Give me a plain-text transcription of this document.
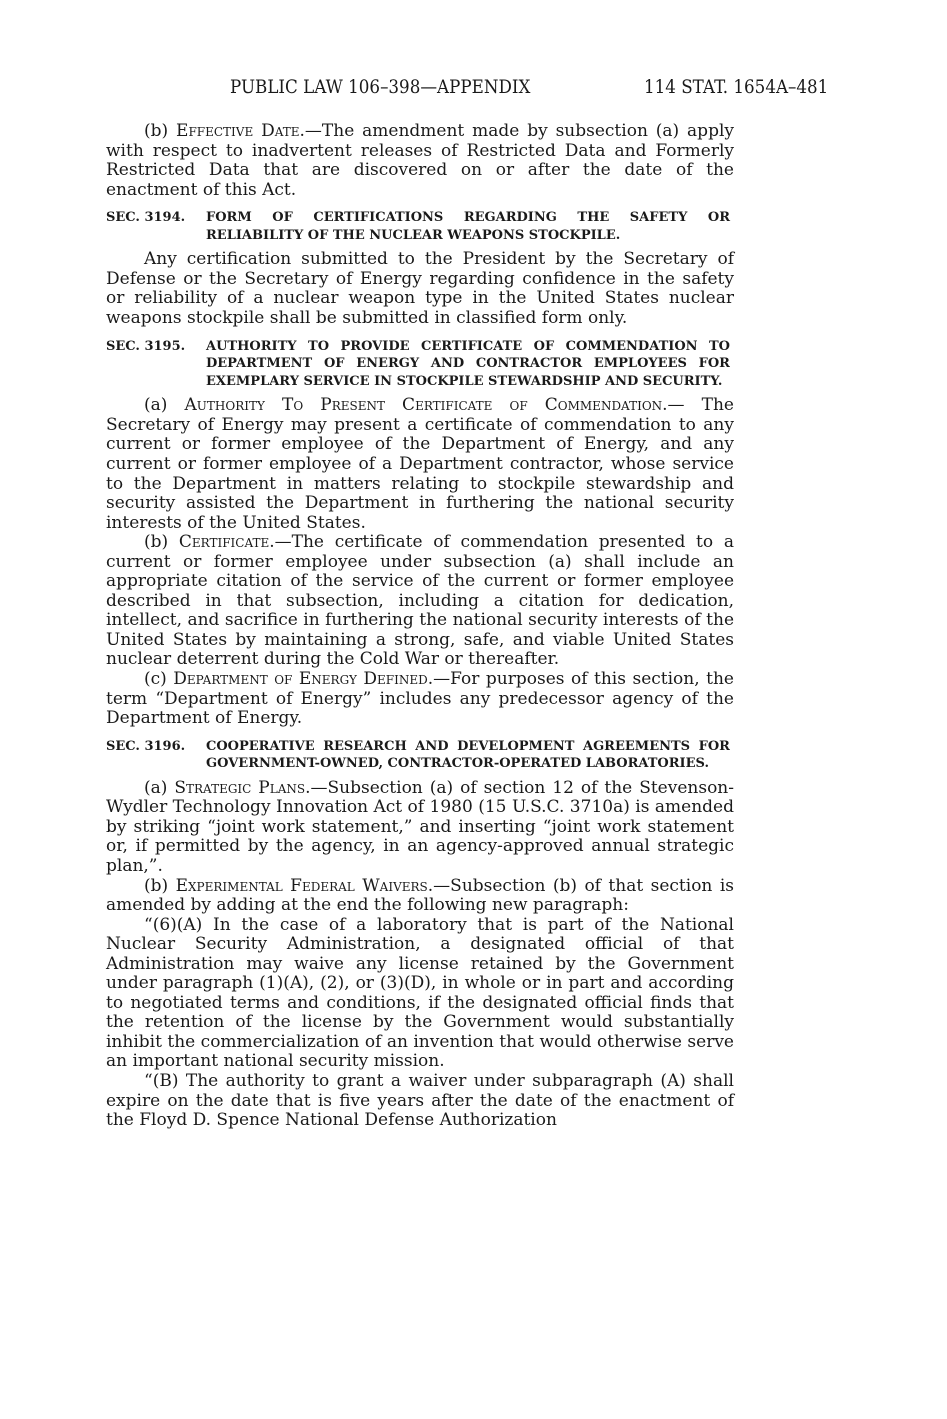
PUBLIC LAW 106–398—APPENDIX	114 STAT. 1654A–481

(b) Effective Date.—The amendment made by subsection (a) apply with respect to inadvertent releases of Restricted Data and Formerly Restricted Data that are discovered on or after the date of the enactment of this Act.

SEC. 3194.	FORM OF CERTIFICATIONS REGARDING THE SAFETY OR RELIABILITY OF THE NUCLEAR WEAPONS STOCKPILE.

Any certification submitted to the President by the Secretary of Defense or the Secretary of Energy regarding confidence in the safety or reliability of a nuclear weapon type in the United States nuclear weapons stockpile shall be submitted in classified form only.

SEC. 3195.	AUTHORITY TO PROVIDE CERTIFICATE OF COMMENDATION TO DEPARTMENT OF ENERGY AND CONTRACTOR EMPLOYEES FOR EXEMPLARY SERVICE IN STOCKPILE STEWARDSHIP AND SECURITY.

(a) Authority To Present Certificate of Commendation.— The Secretary of Energy may present a certificate of commendation to any current or former employee of the Department of Energy, and any current or former employee of a Department contractor, whose service to the Department in matters relating to stockpile stewardship and security assisted the Department in furthering the national security interests of the United States.

(b) Certificate.—The certificate of commendation presented to a current or former employee under subsection (a) shall include an appropriate citation of the service of the current or former employee described in that subsection, including a citation for dedication, intellect, and sacrifice in furthering the national security interests of the United States by maintaining a strong, safe, and viable United States nuclear deterrent during the Cold War or thereafter.

(c) Department of Energy Defined.—For purposes of this section, the term “Department of Energy” includes any predecessor agency of the Department of Energy.

SEC. 3196.	COOPERATIVE RESEARCH AND DEVELOPMENT AGREEMENTS FOR GOVERNMENT-OWNED, CONTRACTOR-OPERATED LABORATORIES.

(a) Strategic Plans.—Subsection (a) of section 12 of the Stevenson-Wydler Technology Innovation Act of 1980 (15 U.S.C. 3710a) is amended by striking “joint work statement,” and inserting “joint work statement or, if permitted by the agency, in an agency-approved annual strategic plan,”.

(b) Experimental Federal Waivers.—Subsection (b) of that section is amended by adding at the end the following new paragraph:

“(6)(A) In the case of a laboratory that is part of the National Nuclear Security Administration, a designated official of that Administration may waive any license retained by the Government under paragraph (1)(A), (2), or (3)(D), in whole or in part and according to negotiated terms and conditions, if the designated official finds that the retention of the license by the Government would substantially inhibit the commercialization of an invention that would otherwise serve an important national security mission.

“(B) The authority to grant a waiver under subparagraph (A) shall expire on the date that is five years after the date of the enactment of the Floyd D. Spence National Defense Authorization
